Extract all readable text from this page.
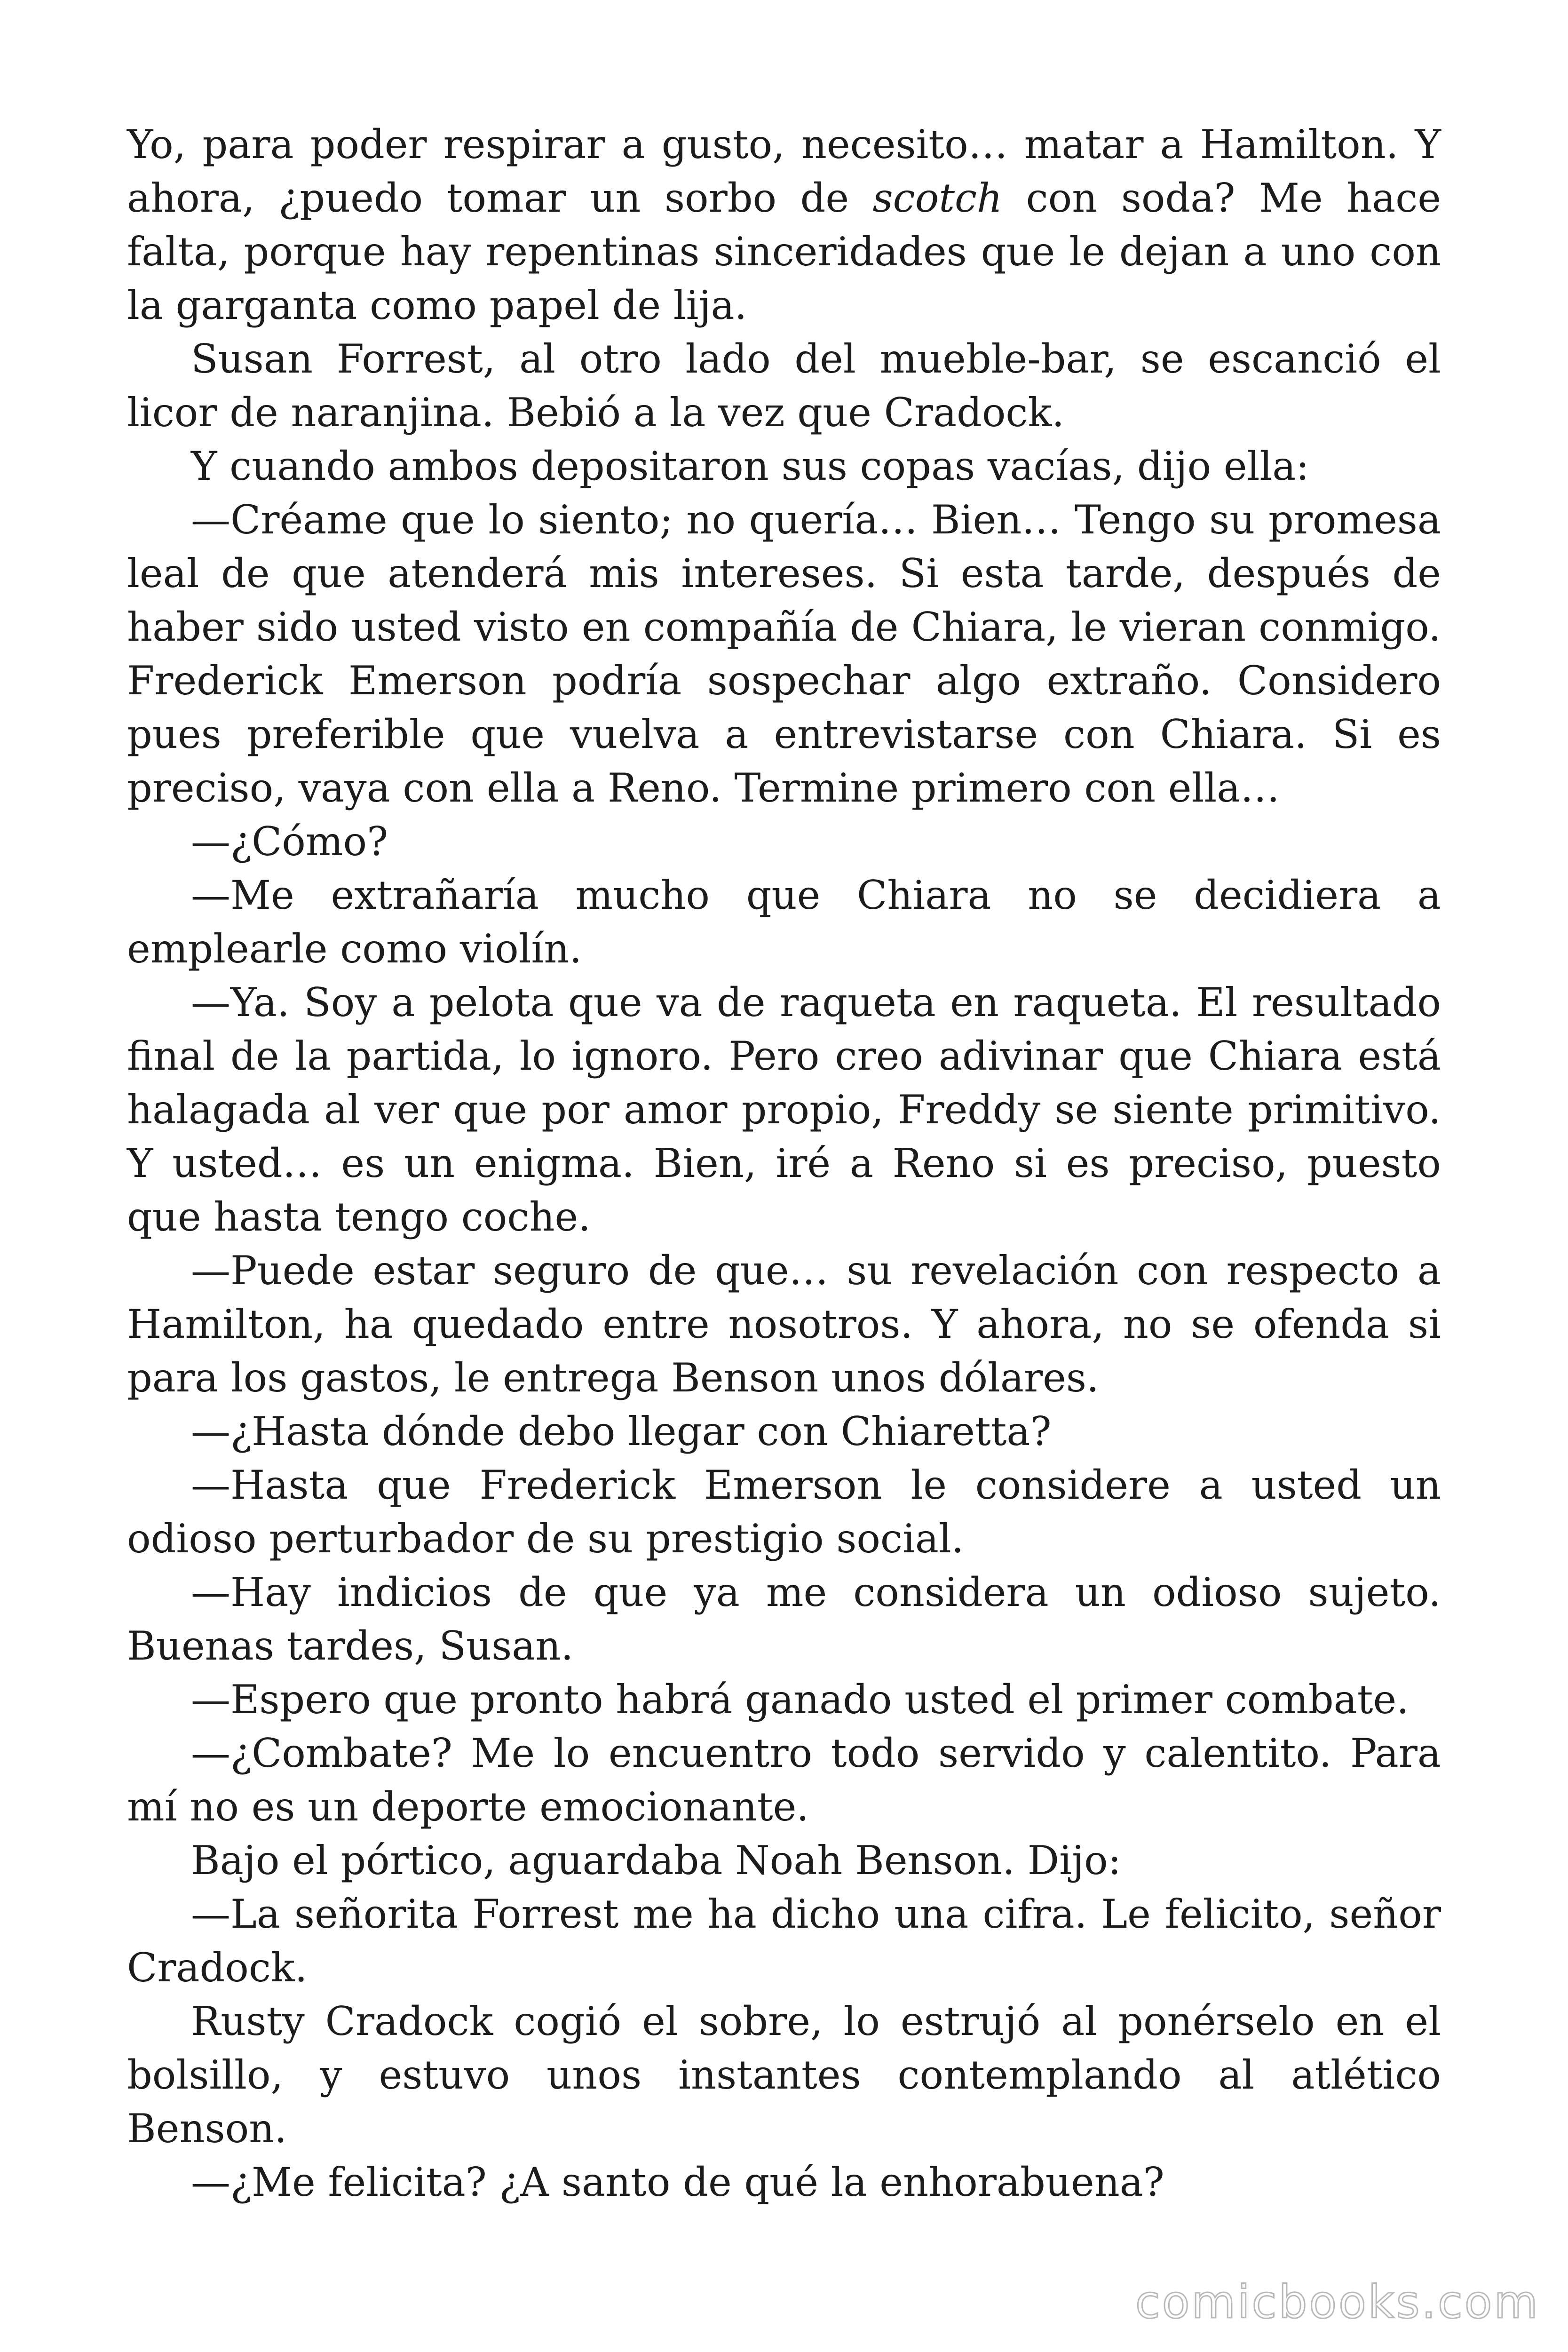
Yo, para poder respirar a gusto, necesito… matar a Hamilton. Y ahora, ¿puedo tomar un sorbo de scotch con soda? Me hace falta, porque hay repentinas sinceridades que le dejan a uno con la garganta como papel de lija.

Susan Forrest, al otro lado del mueble-bar, se escanció el licor de naranjina. Bebió a la vez que Cradock.

Y cuando ambos depositaron sus copas vacías, dijo ella:

—Créame que lo siento; no quería… Bien… Tengo su promesa leal de que atenderá mis intereses. Si esta tarde, después de haber sido usted visto en compañía de Chiara, le vieran conmigo. Frederick Emerson podría sospechar algo extraño. Considero pues preferible que vuelva a entrevistarse con Chiara. Si es preciso, vaya con ella a Reno. Termine primero con ella…

—¿Cómo?

—Me extrañaría mucho que Chiara no se decidiera a emplearle como violín.

—Ya. Soy a pelota que va de raqueta en raqueta. El resultado final de la partida, lo ignoro. Pero creo adivinar que Chiara está halagada al ver que por amor propio, Freddy se siente primitivo. Y usted… es un enigma. Bien, iré a Reno si es preciso, puesto que hasta tengo coche.

—Puede estar seguro de que… su revelación con respecto a Hamilton, ha quedado entre nosotros. Y ahora, no se ofenda si para los gastos, le entrega Benson unos dólares.

—¿Hasta dónde debo llegar con Chiaretta?

—Hasta que Frederick Emerson le considere a usted un odioso perturbador de su prestigio social.

—Hay indicios de que ya me considera un odioso sujeto. Buenas tardes, Susan.

—Espero que pronto habrá ganado usted el primer combate.

—¿Combate? Me lo encuentro todo servido y calentito. Para mí no es un deporte emocionante.

Bajo el pórtico, aguardaba Noah Benson. Dijo:

—La señorita Forrest me ha dicho una cifra. Le felicito, señor Cradock.

Rusty Cradock cogió el sobre, lo estrujó al ponérselo en el bolsillo, y estuvo unos instantes contemplando al atlético Benson.

—¿Me felicita? ¿A santo de qué la enhorabuena?

comicbooks.com
